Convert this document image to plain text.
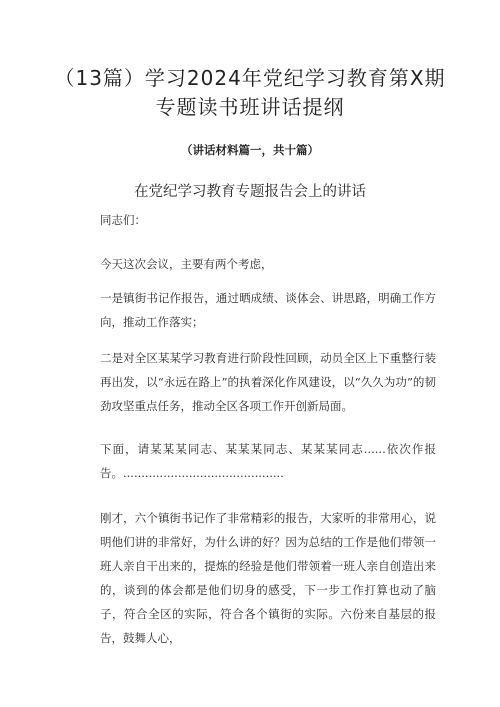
（13篇）学习2024年党纪学习教育第X期
专题读书班讲话提纲
（讲话材料篇一，共十篇）
在党纪学习教育专题报告会上的讲话
同志们：
今天这次会议，主要有两个考虑，
一是镇街书记作报告，通过晒成绩、谈体会、讲思路，明确工作方向，推动工作落实；
二是对全区某某学习教育进行阶段性回顾，动员全区上下重整行装再出发，以“永远在路上”的执着深化作风建设，以“久久为功”的韧劲攻坚重点任务，推动全区各项工作开创新局面。
下面，请某某某同志、某某某同志、某某某同志......依次作报告。............................................
刚才，六个镇街书记作了非常精彩的报告，大家听的非常用心，说明他们讲的非常好，为什么讲的好？因为总结的工作是他们带领一班人亲自干出来的，提炼的经验是他们带领着一班人亲自创造出来的，谈到的体会都是他们切身的感受，下一步工作打算也动了脑子，符合全区的实际，符合各个镇街的实际。六份来自基层的报告，鼓舞人心，
